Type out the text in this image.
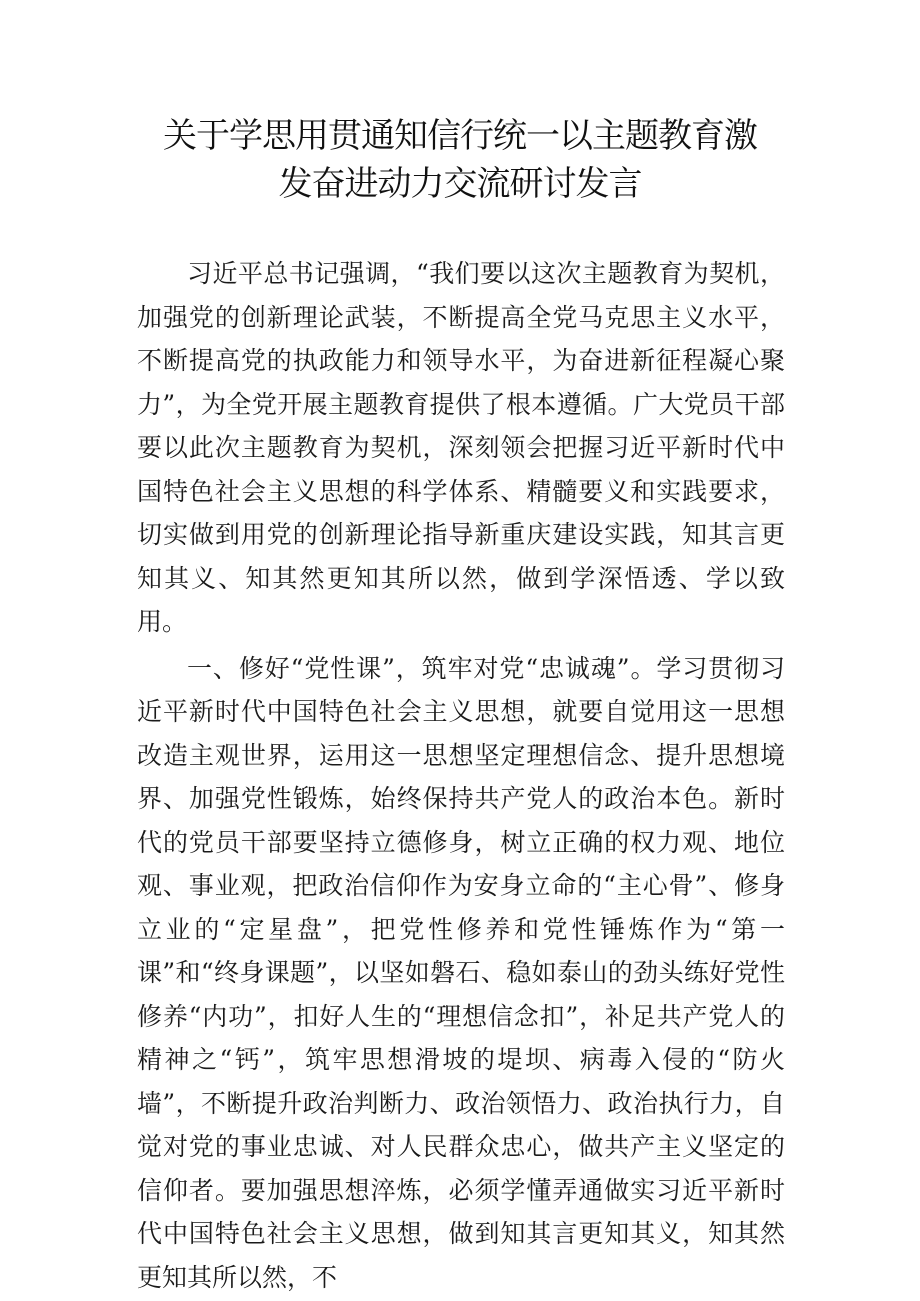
关于学思用贯通知信行统一以主题教育激
发奋进动力交流研讨发言

习近平总书记强调，“我们要以这次主题教育为契机，加强党的创新理论武装，不断提高全党马克思主义水平，不断提高党的执政能力和领导水平，为奋进新征程凝心聚力”，为全党开展主题教育提供了根本遵循。广大党员干部要以此次主题教育为契机，深刻领会把握习近平新时代中国特色社会主义思想的科学体系、精髓要义和实践要求，切实做到用党的创新理论指导新重庆建设实践，知其言更知其义、知其然更知其所以然，做到学深悟透、学以致用。

一、修好“党性课”，筑牢对党“忠诚魂”。学习贯彻习近平新时代中国特色社会主义思想，就要自觉用这一思想改造主观世界，运用这一思想坚定理想信念、提升思想境界、加强党性锻炼，始终保持共产党人的政治本色。新时代的党员干部要坚持立德修身，树立正确的权力观、地位观、事业观，把政治信仰作为安身立命的“主心骨”、修身立业的“定星盘”，把党性修养和党性锤炼作为“第一课”和“终身课题”，以坚如磐石、稳如泰山的劲头练好党性修养“内功”，扣好人生的“理想信念扣”，补足共产党人的精神之“钙”，筑牢思想滑坡的堤坝、病毒入侵的“防火墙”，不断提升政治判断力、政治领悟力、政治执行力，自觉对党的事业忠诚、对人民群众忠心，做共产主义坚定的信仰者。要加强思想淬炼，必须学懂弄通做实习近平新时代中国特色社会主义思想，做到知其言更知其义，知其然更知其所以然，不
